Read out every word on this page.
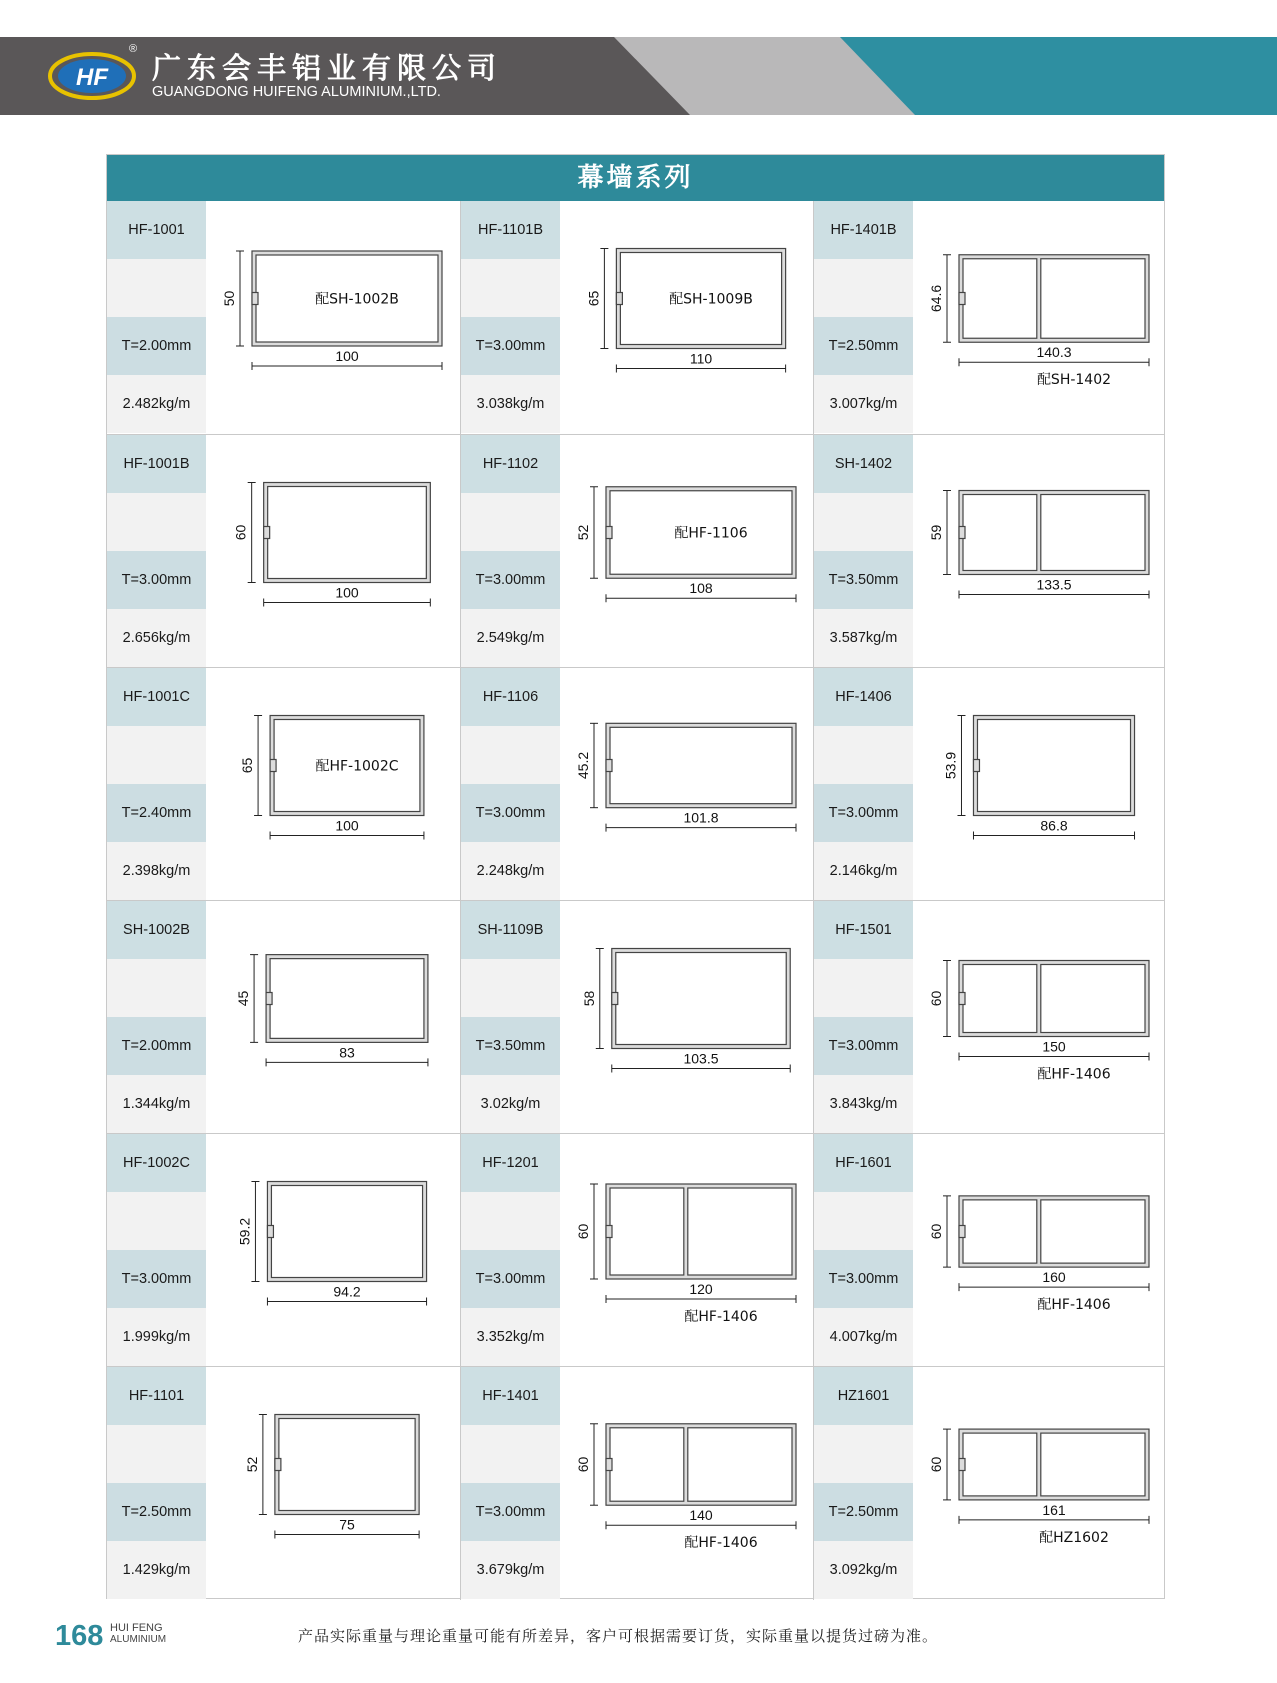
HF
®
广东会丰铝业有限公司
GUANGDONG HUIFENG ALUMINIUM.,LTD.
幕墙系列
HF-1001
T=2.00mm
2.482kg/m
50
100
配SH-1002B
HF-1101B
T=3.00mm
3.038kg/m
65
110
配SH-1009B
HF-1401B
T=2.50mm
3.007kg/m
64.6
140.3
配SH-1402
HF-1001B
T=3.00mm
2.656kg/m
60
100
HF-1102
T=3.00mm
2.549kg/m
52
108
配HF-1106
SH-1402
T=3.50mm
3.587kg/m
59
133.5
HF-1001C
T=2.40mm
2.398kg/m
65
100
配HF-1002C
HF-1106
T=3.00mm
2.248kg/m
45.2
101.8
HF-1406
T=3.00mm
2.146kg/m
53.9
86.8
SH-1002B
T=2.00mm
1.344kg/m
45
83
SH-1109B
T=3.50mm
3.02kg/m
58
103.5
HF-1501
T=3.00mm
3.843kg/m
60
150
配HF-1406
HF-1002C
T=3.00mm
1.999kg/m
59.2
94.2
HF-1201
T=3.00mm
3.352kg/m
60
120
配HF-1406
HF-1601
T=3.00mm
4.007kg/m
60
160
配HF-1406
HF-1101
T=2.50mm
1.429kg/m
52
75
HF-1401
T=3.00mm
3.679kg/m
60
140
配HF-1406
HZ1601
T=2.50mm
3.092kg/m
60
161
配HZ1602
168 HUI FENG
ALUMINIUM	产品实际重量与理论重量可能有所差异，客户可根据需要订货，实际重量以提货过磅为准。
